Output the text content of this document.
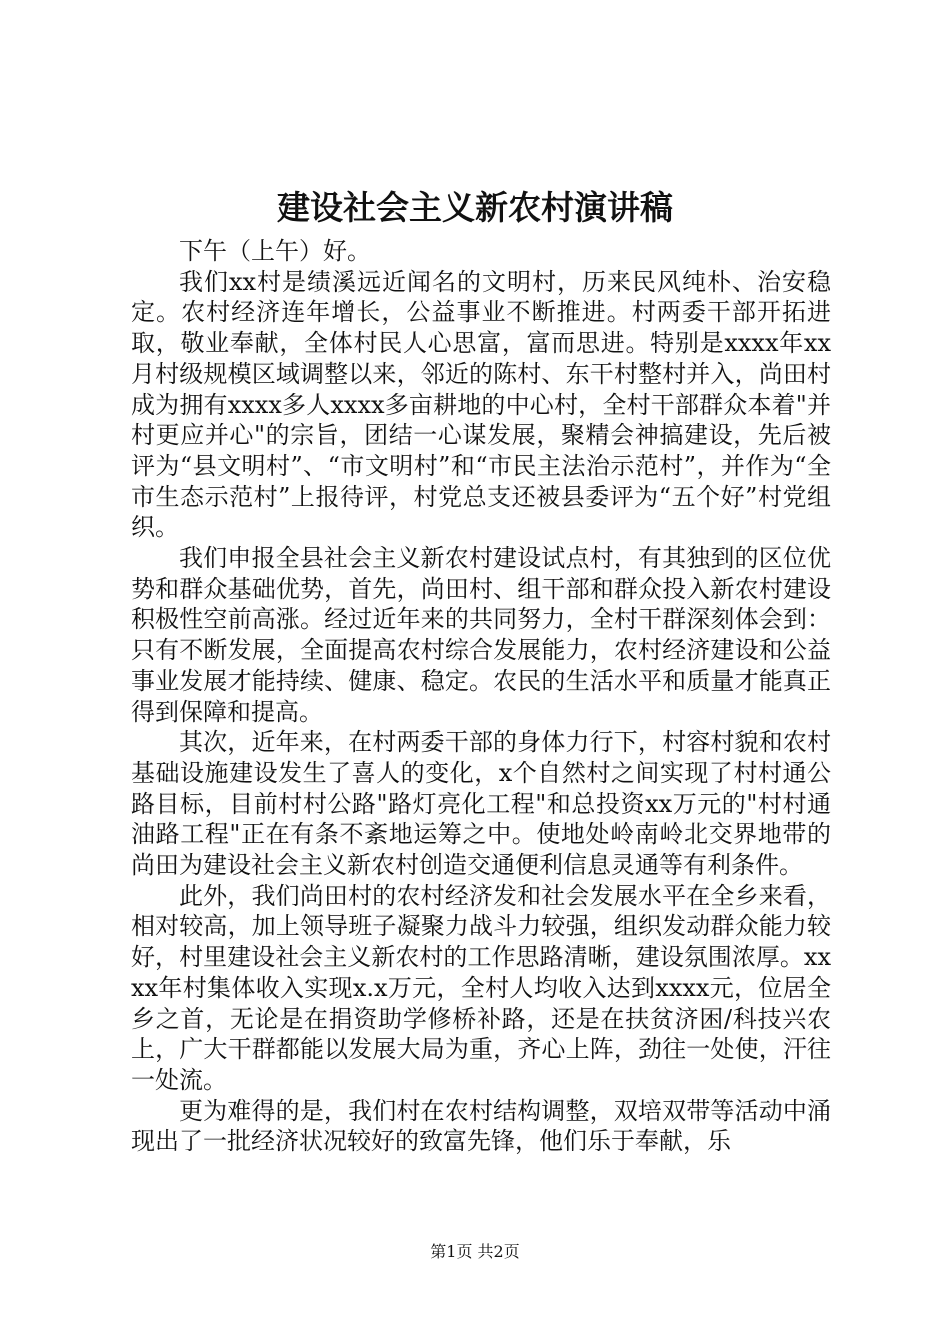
建设社会主义新农村演讲稿

下午（上午）好。

我们xx村是绩溪远近闻名的文明村，历来民风纯朴、治安稳定。农村经济连年增长，公益事业不断推进。村两委干部开拓进取，敬业奉献，全体村民人心思富，富而思进。特别是xxxx年xx月村级规模区域调整以来，邻近的陈村、东干村整村并入，尚田村成为拥有xxxx多人xxxx多亩耕地的中心村，全村干部群众本着"并村更应并心"的宗旨，团结一心谋发展，聚精会神搞建设，先后被评为“县文明村”、“市文明村”和“市民主法治示范村”，并作为“全市生态示范村”上报待评，村党总支还被县委评为“五个好”村党组织。

我们申报全县社会主义新农村建设试点村，有其独到的区位优势和群众基础优势，首先，尚田村、组干部和群众投入新农村建设积极性空前高涨。经过近年来的共同努力，全村干群深刻体会到：只有不断发展，全面提高农村综合发展能力，农村经济建设和公益事业发展才能持续、健康、稳定。农民的生活水平和质量才能真正得到保障和提高。

其次，近年来，在村两委干部的身体力行下，村容村貌和农村基础设施建设发生了喜人的变化，x个自然村之间实现了村村通公路目标，目前村村公路"路灯亮化工程"和总投资xx万元的"村村通油路工程"正在有条不紊地运筹之中。使地处岭南岭北交界地带的尚田为建设社会主义新农村创造交通便利信息灵通等有利条件。

此外，我们尚田村的农村经济发和社会发展水平在全乡来看，相对较高，加上领导班子凝聚力战斗力较强，组织发动群众能力较好，村里建设社会主义新农村的工作思路清晰，建设氛围浓厚。xxxx年村集体收入实现x.x万元，全村人均收入达到xxxx元，位居全乡之首，无论是在捐资助学修桥补路，还是在扶贫济困/科技兴农上，广大干群都能以发展大局为重，齐心上阵，劲往一处使，汗往一处流。

更为难得的是，我们村在农村结构调整，双培双带等活动中涌现出了一批经济状况较好的致富先锋，他们乐于奉献，乐

第1页 共2页
